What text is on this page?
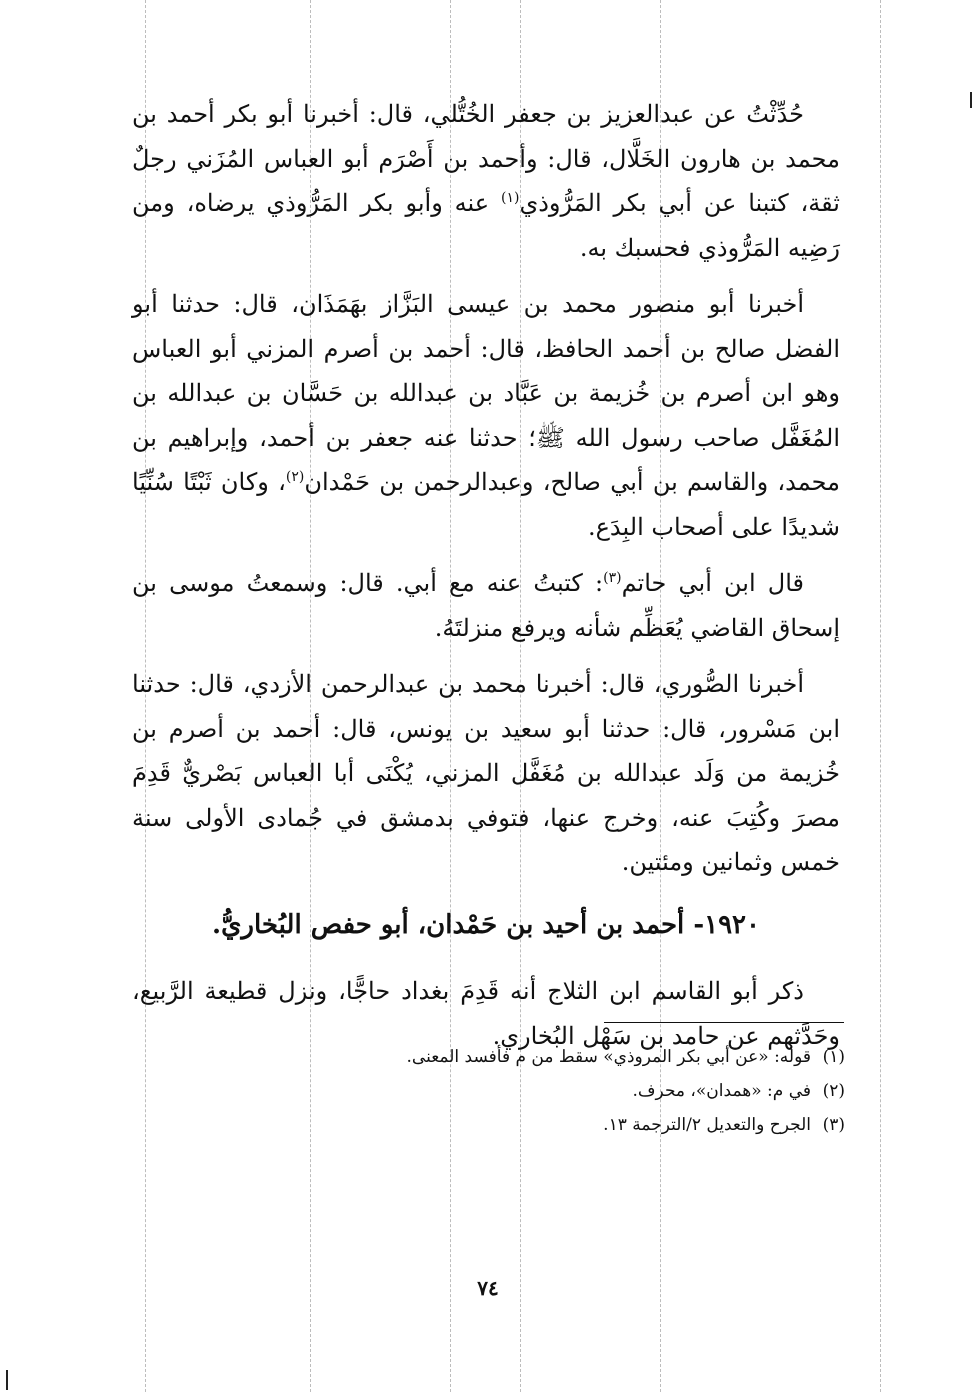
حُدِّثْتُ عن عبدالعزيز بن جعفر الخُتُّلي، قال: أخبرنا أبو بكر أحمد بن محمد بن هارون الخَلَّال، قال: وأحمد بن أَصْرَم أبو العباس المُزَني رجلٌ ثقة، كتبنا عن أبي بكر المَرُّوذي$^{(١)}$ عنه وأبو بكر المَرُّوذي يرضاه، ومن رَضِيه المَرُّوذي فحسبك به.

أخبرنا أبو منصور محمد بن عيسى البَزَّاز بهَمَذَان، قال: حدثنا أبو الفضل صالح بن أحمد الحافظ، قال: أحمد بن أصرم المزني أبو العباس وهو ابن أصرم بن خُزيمة بن عَبَّاد بن عبدالله بن حَسَّان بن عبدالله بن المُغَفَّل صاحب رسول الله ﷺ؛ حدثنا عنه جعفر بن أحمد، وإبراهيم بن محمد، والقاسم بن أبي صالح، وعبدالرحمن بن حَمْدان$^{(٢)}$، وكان ثَبْتًا سُنِّيًا شديدًا على أصحاب البِدَع.

قال ابن أبي حاتم$^{(٣)}$: كتبتُ عنه مع أبي. قال: وسمعتُ موسى بن إسحاق القاضي يُعَظِّم شأنه ويرفع منزلتَهُ.

أخبرنا الصُّوري، قال: أخبرنا محمد بن عبدالرحمن الأزدي، قال: حدثنا ابن مَسْرور، قال: حدثنا أبو سعيد بن يونس، قال: أحمد بن أصرم بن خُزيمة من وَلَد عبدالله بن مُغَفَّل المزني، يُكْنَى أبا العباس بَصْريٌّ قَدِمَ مصرَ وكُتِبَ عنه، وخرج عنها، فتوفي بدمشق في جُمادى الأولى سنة خمس وثمانين ومئتين.

١٩٢٠- أحمد بن أحيد بن حَمْدان، أبو حفص البُخاريُّ.

ذكر أبو القاسم ابن الثلاج أنه قَدِمَ بغداد حاجًّا، ونزل قطيعة الرَّبيع، وحَدَّثهم عن حامد بن سَهْل البُخاري.

(١)قوله: «عن أبي بكر المروذي» سقط من م فأفسد المعنى.
(٢)في م: «همدان»، محرف.
(٣)الجرح والتعديل ٢/الترجمة ١٣.
٧٤
